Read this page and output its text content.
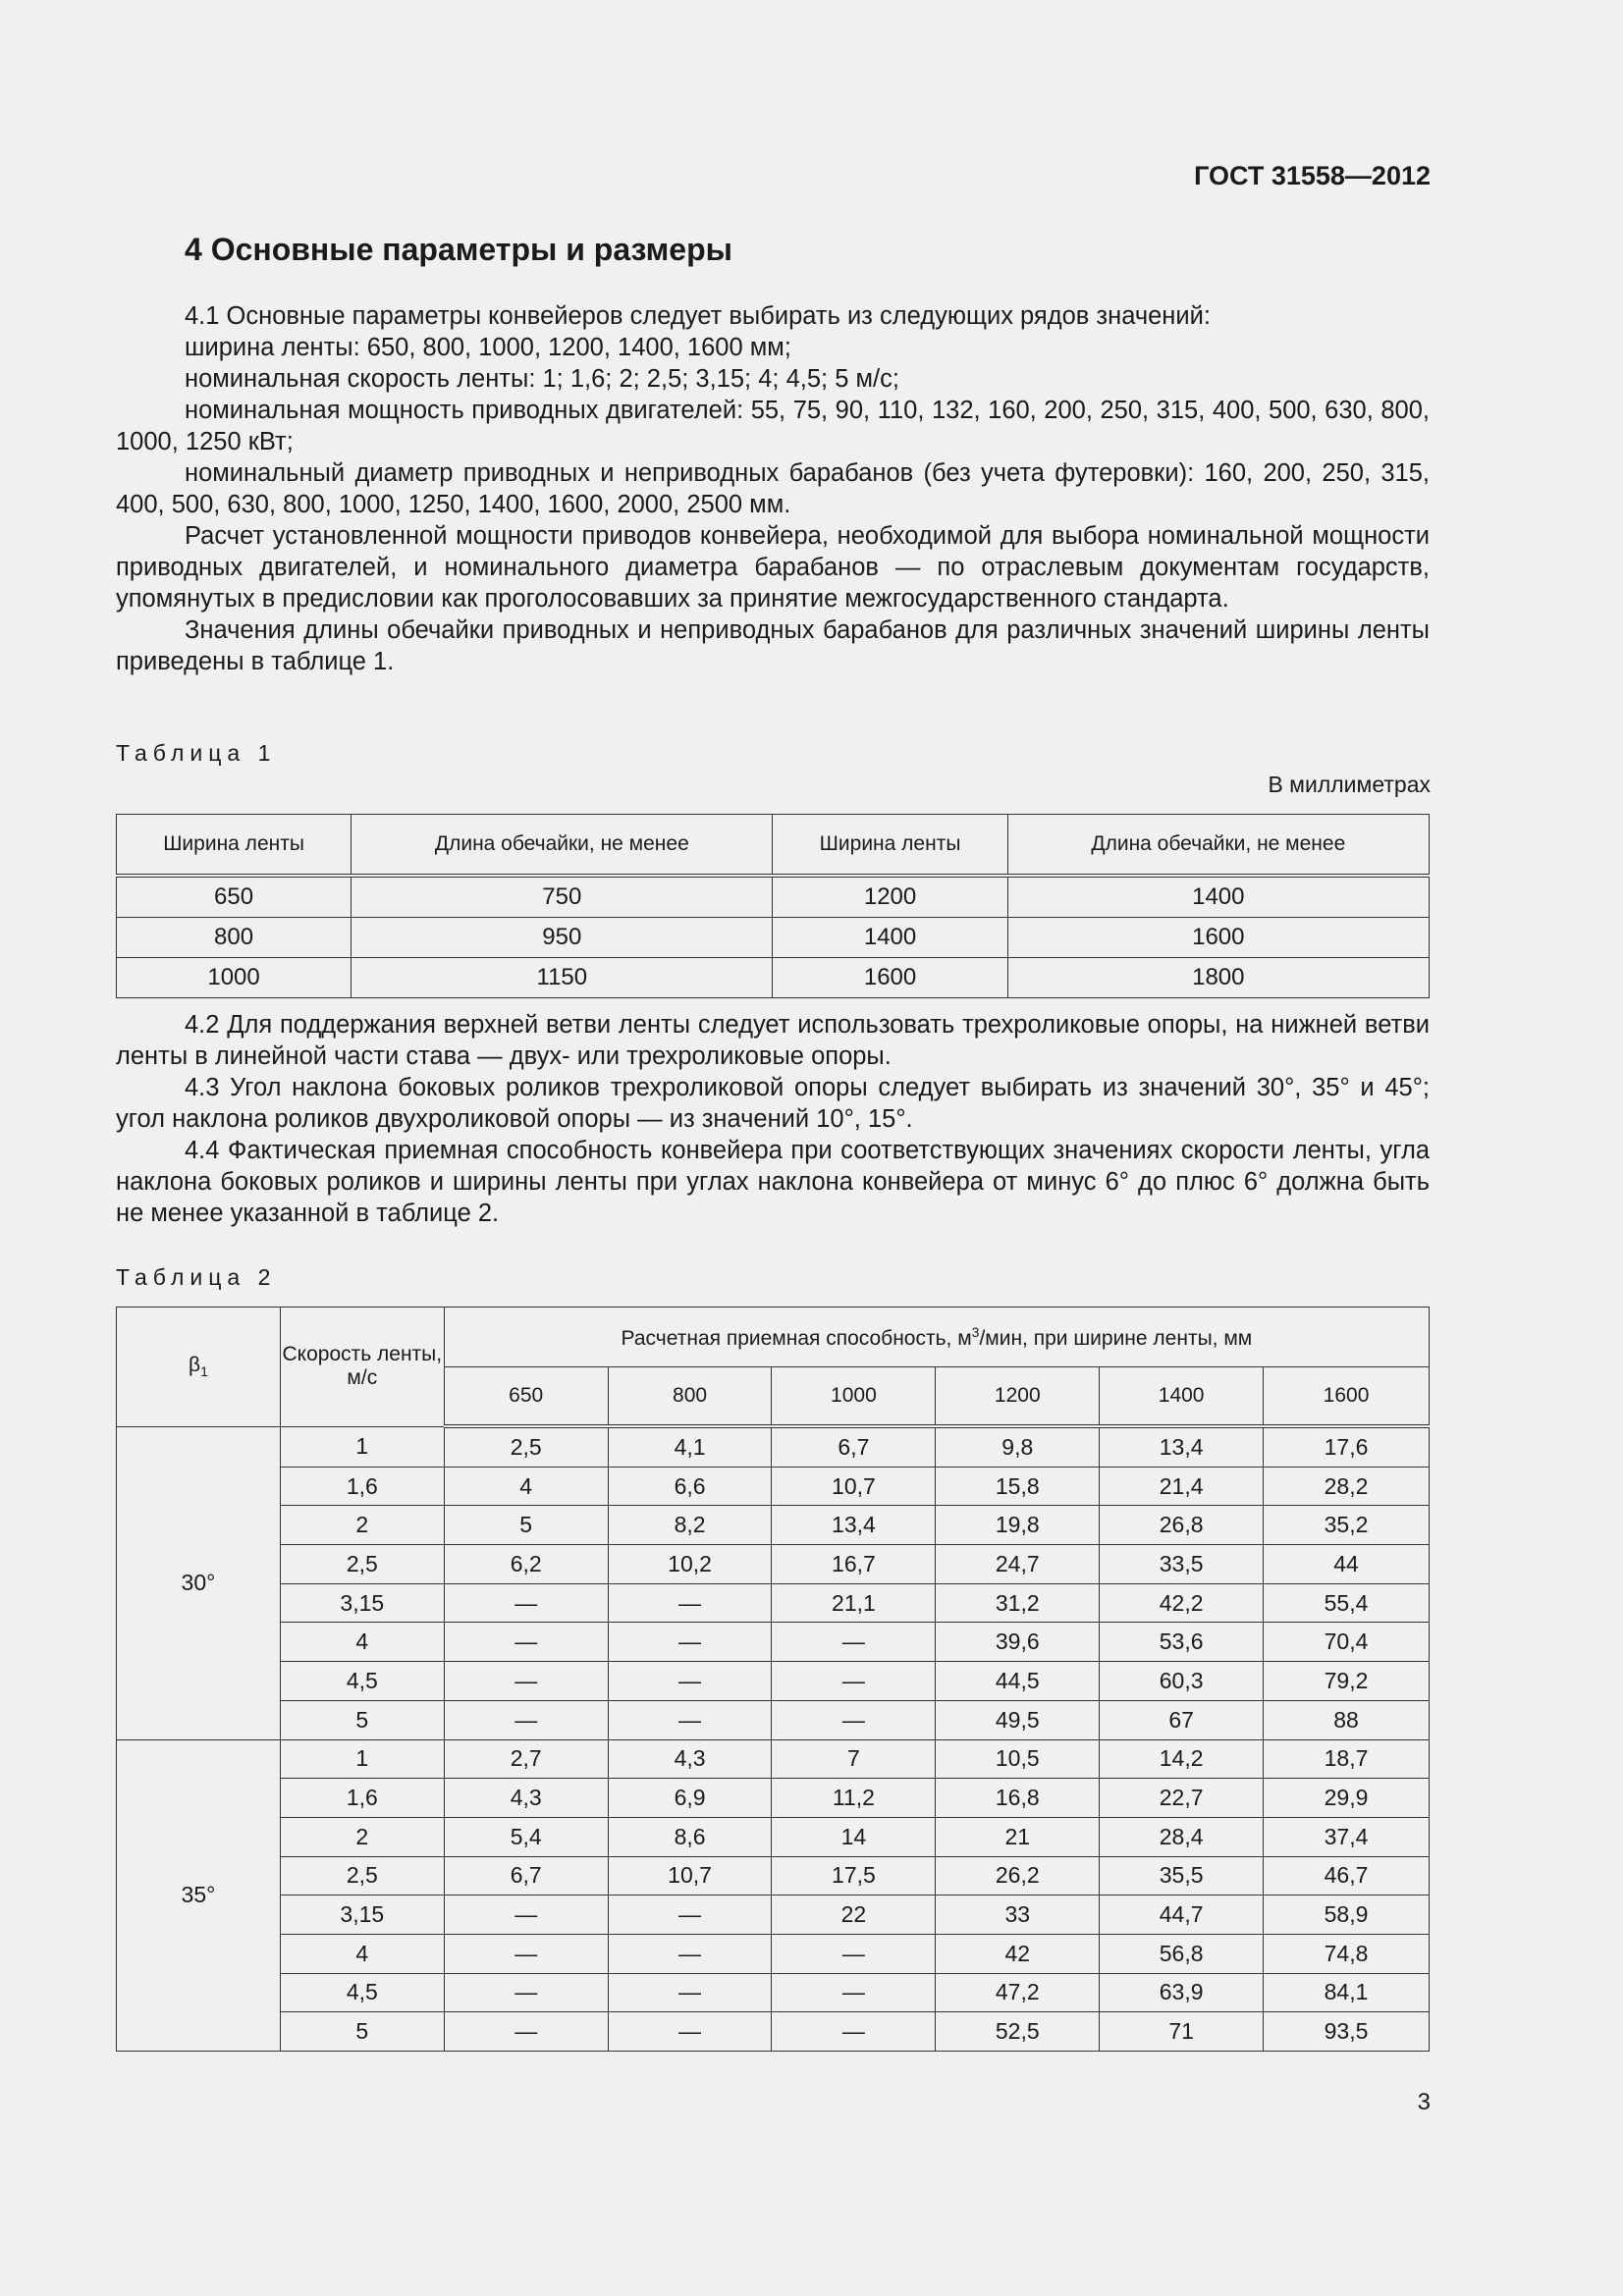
ГОСТ 31558—2012
4 Основные параметры и размеры
4.1 Основные параметры конвейеров следует выбирать из следующих рядов значений:
ширина ленты: 650, 800, 1000, 1200, 1400, 1600 мм;
номинальная скорость ленты: 1; 1,6; 2; 2,5; 3,15; 4; 4,5; 5 м/с;

номинальная мощность приводных двигателей: 55, 75, 90, 110, 132, 160, 200, 250, 315, 400, 500, 630, 800, 1000, 1250 кВт;

номинальный диаметр приводных и неприводных барабанов (без учета футеровки): 160, 200, 250, 315, 400, 500, 630, 800, 1000, 1250, 1400, 1600, 2000, 2500 мм.

Расчет установленной мощности приводов конвейера, необходимой для выбора номинальной мощности приводных двигателей, и номинального диаметра барабанов — по отраслевым документам государств, упомянутых в предисловии как проголосовавших за принятие межгосударственного стандарта.

Значения длины обечайки приводных и неприводных барабанов для различных значений ширины ленты приведены в таблице 1.

Таблица 1
В миллиметрах
Ширина ленты	Длина обечайки, не менее	Ширина ленты	Длина обечайки, не менее
650	750	1200	1400
800	950	1400	1600
1000	1150	1600	1800

4.2 Для поддержания верхней ветви ленты следует использовать трехроликовые опоры, на нижней ветви ленты в линейной части става — двух- или трехроликовые опоры.

4.3 Угол наклона боковых роликов трехроликовой опоры следует выбирать из значений 30°, 35° и 45°; угол наклона роликов двухроликовой опоры — из значений 10°, 15°.

4.4 Фактическая приемная способность конвейера при соответствующих значениях скорости ленты, угла наклона боковых роликов и ширины ленты при углах наклона конвейера от минус 6° до плюс 6° должна быть не менее указанной в таблице 2.

Таблица 2
$\beta_1$	Скорость ленты, м/с	Расчетная приемная способность, $м^3$/мин, при ширине ленты, мм					
		650	800	1000	1200	1400	1600
30°	1	2,5	4,1	6,7	9,8	13,4	17,6
	1,6	4	6,6	10,7	15,8	21,4	28,2
	2	5	8,2	13,4	19,8	26,8	35,2
	2,5	6,2	10,2	16,7	24,7	33,5	44
	3,15	—	—	21,1	31,2	42,2	55,4
	4	—	—	—	39,6	53,6	70,4
	4,5	—	—	—	44,5	60,3	79,2
	5	—	—	—	49,5	67	88
35°	1	2,7	4,3	7	10,5	14,2	18,7
	1,6	4,3	6,9	11,2	16,8	22,7	29,9
	2	5,4	8,6	14	21	28,4	37,4
	2,5	6,7	10,7	17,5	26,2	35,5	46,7
	3,15	—	—	22	33	44,7	58,9
	4	—	—	—	42	56,8	74,8
	4,5	—	—	—	47,2	63,9	84,1
	5	—	—	—	52,5	71	93,5
3
